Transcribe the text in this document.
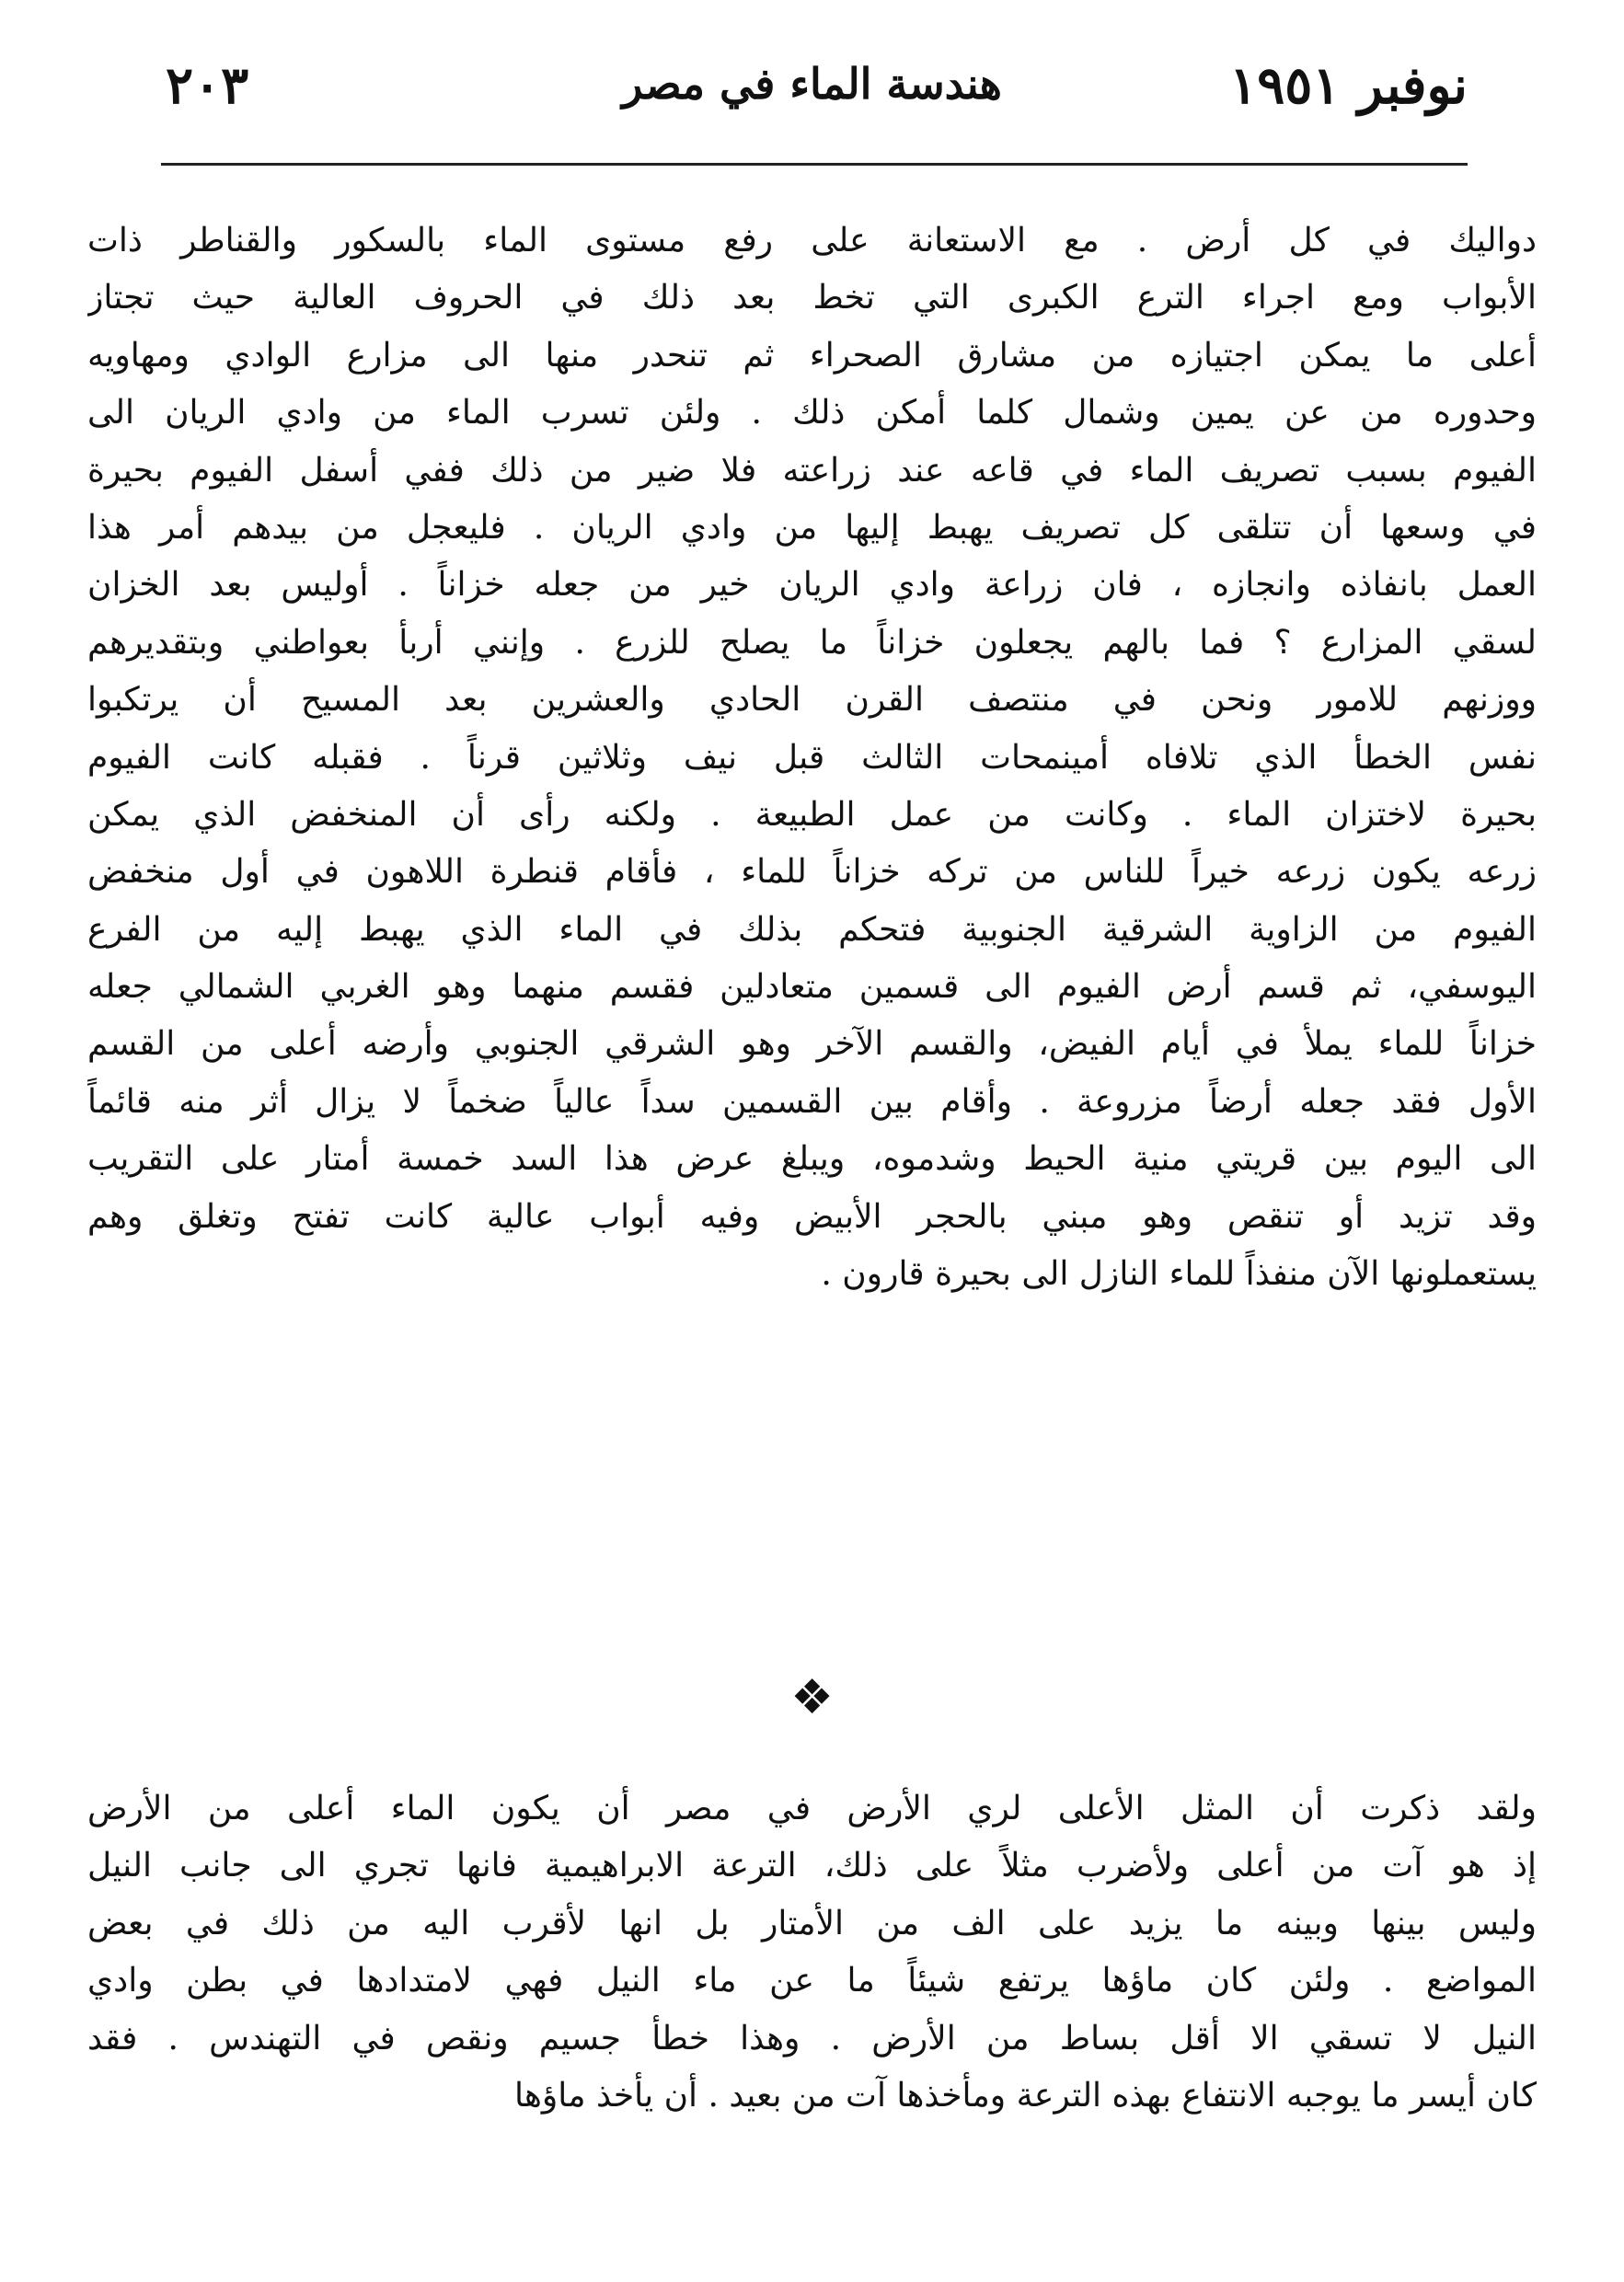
نوفبر ١٩٥١
هندسة الماء في مصر
٢٠٣
دواليك في كل أرض . مع الاستعانة على رفع مستوى الماء بالسكور والقناطر ذات
الأبواب ومع اجراء الترع الكبرى التي تخط بعد ذلك في الحروف العالية حيث تجتاز
أعلى ما يمكن اجتيازه من مشارق الصحراء ثم تنحدر منها الى مزارع الوادي ومهاويه
وحدوره من عن يمين وشمال كلما أمكن ذلك . ولئن تسرب الماء من وادي الريان الى
الفيوم بسبب تصريف الماء في قاعه عند زراعته فلا ضير من ذلك ففي أسفل الفيوم بحيرة
في وسعها أن تتلقى كل تصريف يهبط إليها من وادي الريان . فليعجل من بيدهم أمر هذا
العمل بانفاذه وانجازه ، فان زراعة وادي الريان خير من جعله خزاناً . أوليس بعد الخزان
لسقي المزارع ؟ فما بالهم يجعلون خزاناً ما يصلح للزرع . وإنني أربأ بعواطني وبتقديرهم
ووزنهم للامور ونحن في منتصف القرن الحادي والعشرين بعد المسيح أن يرتكبوا
نفس الخطأ الذي تلافاه أمينمحات الثالث قبل نيف وثلاثين قرناً . فقبله كانت الفيوم
بحيرة لاختزان الماء . وكانت من عمل الطبيعة . ولكنه رأى أن المنخفض الذي يمكن
زرعه يكون زرعه خيراً للناس من تركه خزاناً للماء ، فأقام قنطرة اللاهون في أول منخفض
الفيوم من الزاوية الشرقية الجنوبية فتحكم بذلك في الماء الذي يهبط إليه من الفرع
اليوسفي، ثم قسم أرض الفيوم الى قسمين متعادلين فقسم منهما وهو الغربي الشمالي جعله
خزاناً للماء يملأ في أيام الفيض، والقسم الآخر وهو الشرقي الجنوبي وأرضه أعلى من القسم
الأول فقد جعله أرضاً مزروعة . وأقام بين القسمين سداً عالياً ضخماً لا يزال أثر منه قائماً
الى اليوم بين قريتي منية الحيط وشدموه، ويبلغ عرض هذا السد خمسة أمتار على التقريب
وقد تزيد أو تنقص وهو مبني بالحجر الأبيض وفيه أبواب عالية كانت تفتح وتغلق وهم
يستعملونها الآن منفذاً للماء النازل الى بحيرة قارون .
❖
ولقد ذكرت أن المثل الأعلى لري الأرض في مصر أن يكون الماء أعلى من الأرض
إذ هو آت من أعلى ولأضرب مثلاً على ذلك، الترعة الابراهيمية فانها تجري الى جانب النيل
وليس بينها وبينه ما يزيد على الف من الأمتار بل انها لأقرب اليه من ذلك في بعض
المواضع . ولئن كان ماؤها يرتفع شيئاً ما عن ماء النيل فهي لامتدادها في بطن وادي
النيل لا تسقي الا أقل بساط من الأرض . وهذا خطأ جسيم ونقص في التهندس . فقد
كان أيسر ما يوجبه الانتفاع بهذه الترعة ومأخذها آت من بعيد . أن يأخذ ماؤها
